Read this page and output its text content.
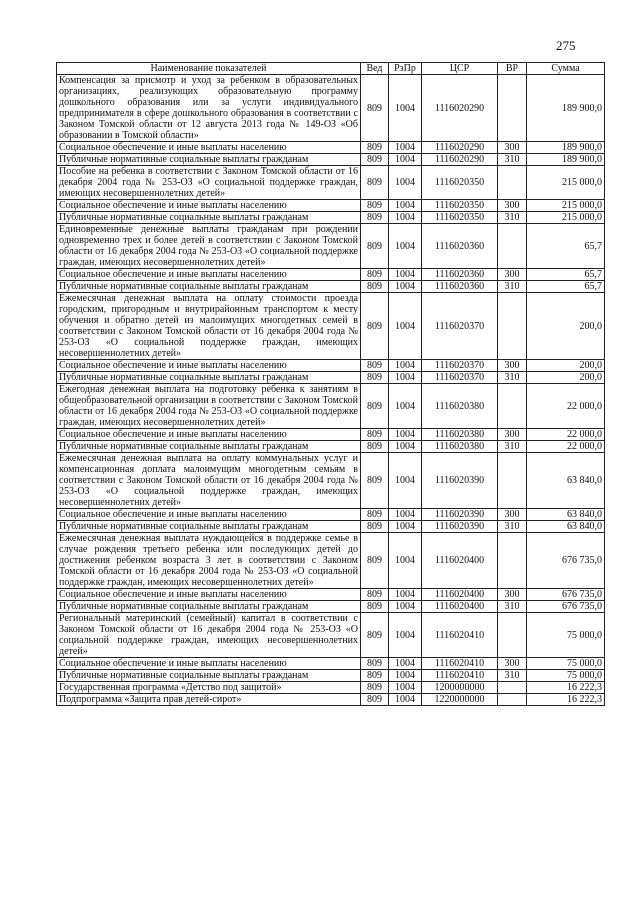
275
Наименование показателей	Вед	РзПр	ЦСР	ВР	Сумма
Компенсация за присмотр и уход за ребенком в образовательных организациях, реализующих образовательную программу дошкольного образования или за услуги индивидуального предпринимателя в сфере дошкольного образования в соответствии с Законом Томской области от 12 августа 2013 года № 149-ОЗ «Об образовании в Томской области»	809	1004	1116020290		189 900,0
Социальное обеспечение и иные выплаты населению	809	1004	1116020290	300	189 900,0
Публичные нормативные социальные выплаты гражданам	809	1004	1116020290	310	189 900,0
Пособие на ребенка в соответствии с Законом Томской области от 16 декабря 2004 года № 253-ОЗ «О социальной поддержке граждан, имеющих несовершеннолетних детей»	809	1004	1116020350		215 000,0
Социальное обеспечение и иные выплаты населению	809	1004	1116020350	300	215 000,0
Публичные нормативные социальные выплаты гражданам	809	1004	1116020350	310	215 000,0
Единовременные денежные выплаты гражданам при рождении одновременно трех и более детей в соответствии с Законом Томской области от 16 декабря 2004 года № 253-ОЗ «О социальной поддержке граждан, имеющих несовершеннолетних детей»	809	1004	1116020360		65,7
Социальное обеспечение и иные выплаты населению	809	1004	1116020360	300	65,7
Публичные нормативные социальные выплаты гражданам	809	1004	1116020360	310	65,7
Ежемесячная денежная выплата на оплату стоимости проезда городским, пригородным и внутрирайонным транспортом к месту обучения и обратно детей из малоимущих многодетных семей в соответствии с Законом Томской области от 16 декабря 2004 года № 253-ОЗ «О социальной поддержке граждан, имеющих несовершеннолетних детей»	809	1004	1116020370		200,0
Социальное обеспечение и иные выплаты населению	809	1004	1116020370	300	200,0
Публичные нормативные социальные выплаты гражданам	809	1004	1116020370	310	200,0
Ежегодная денежная выплата на подготовку ребенка к занятиям в общеобразовательной организации в соответствии с Законом Томской области от 16 декабря 2004 года № 253-ОЗ «О социальной поддержке граждан, имеющих несовершеннолетних детей»	809	1004	1116020380		22 000,0
Социальное обеспечение и иные выплаты населению	809	1004	1116020380	300	22 000,0
Публичные нормативные социальные выплаты гражданам	809	1004	1116020380	310	22 000,0
Ежемесячная денежная выплата на оплату коммунальных услуг и компенсационная доплата малоимущим многодетным семьям в соответствии с Законом Томской области от 16 декабря 2004 года № 253-ОЗ «О социальной поддержке граждан, имеющих несовершеннолетних детей»	809	1004	1116020390		63 840,0
Социальное обеспечение и иные выплаты населению	809	1004	1116020390	300	63 840,0
Публичные нормативные социальные выплаты гражданам	809	1004	1116020390	310	63 840,0
Ежемесячная денежная выплата нуждающейся в поддержке семье в случае рождения третьего ребенка или последующих детей до достижения ребенком возраста 3 лет в соответствии с Законом Томской области от 16 декабря 2004 года № 253-ОЗ «О социальной поддержке граждан, имеющих несовершеннолетних детей»	809	1004	1116020400		676 735,0
Социальное обеспечение и иные выплаты населению	809	1004	1116020400	300	676 735,0
Публичные нормативные социальные выплаты гражданам	809	1004	1116020400	310	676 735,0
Региональный материнский (семейный) капитал в соответствии с Законом Томской области от 16 декабря 2004 года № 253-ОЗ «О социальной поддержке граждан, имеющих несовершеннолетних детей»	809	1004	1116020410		75 000,0
Социальное обеспечение и иные выплаты населению	809	1004	1116020410	300	75 000,0
Публичные нормативные социальные выплаты гражданам	809	1004	1116020410	310	75 000,0
Государственная программа «Детство под защитой»	809	1004	1200000000		16 222,3
Подпрограмма «Защита прав детей-сирот»	809	1004	1220000000		16 222,3
